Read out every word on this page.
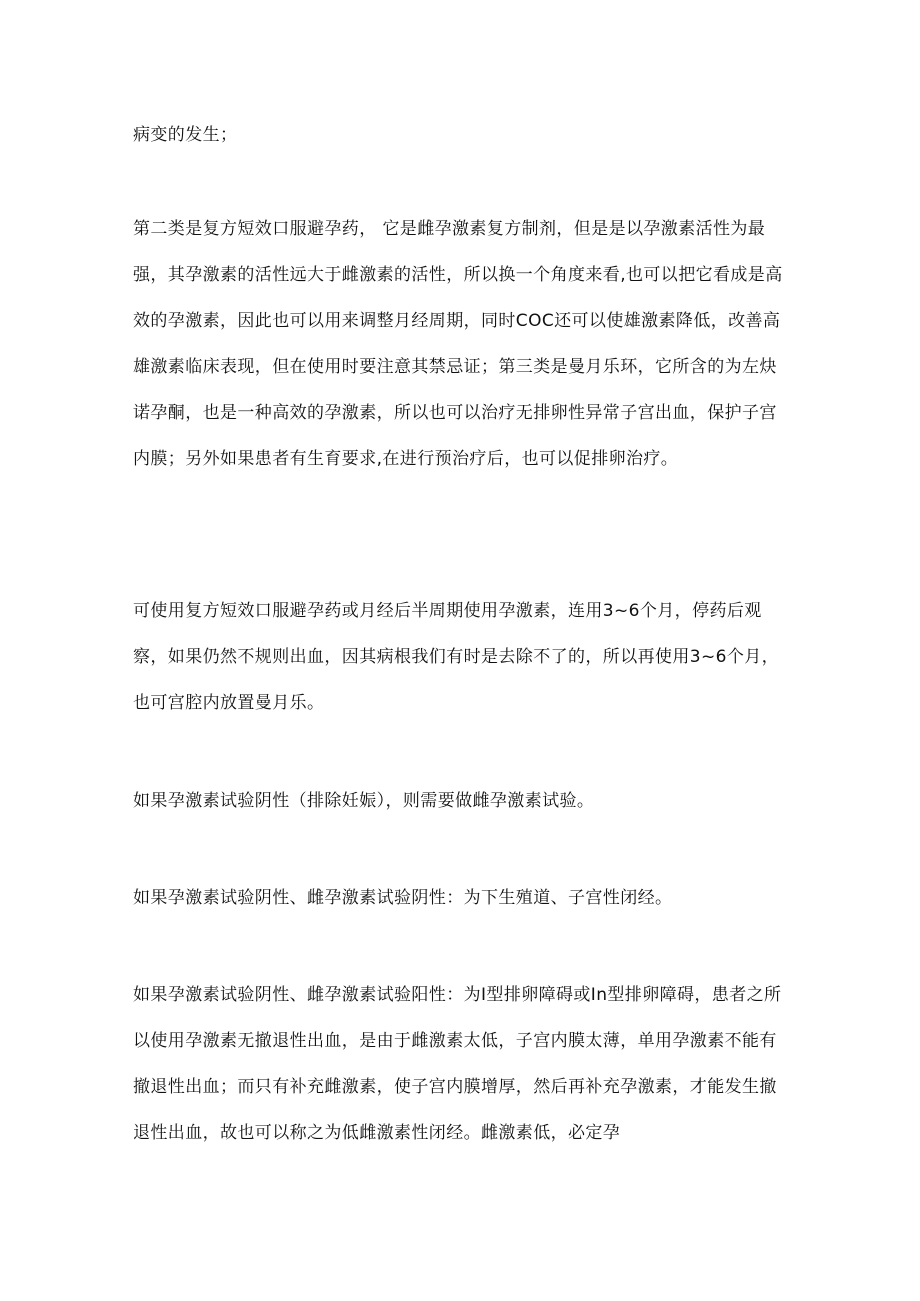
病变的发生；

第二类是复方短效口服避孕药， 它是雌孕激素复方制剂，但是是以孕激素活性为最强，其孕激素的活性远大于雌激素的活性，所以换一个角度来看,也可以把它看成是高效的孕激素，因此也可以用来调整月经周期，同时COC还可以使雄激素降低，改善高雄激素临床表现，但在使用时要注意其禁忌证；第三类是曼月乐环，它所含的为左炔诺孕酮，也是一种高效的孕激素，所以也可以治疗无排卵性异常子宫出血，保护子宫内膜；另外如果患者有生育要求,在进行预治疗后，也可以促排卵治疗。

可使用复方短效口服避孕药或月经后半周期使用孕激素，连用3~6个月，停药后观察，如果仍然不规则出血，因其病根我们有时是去除不了的，所以再使用3~6个月，也可宫腔内放置曼月乐。

如果孕激素试验阴性（排除妊娠），则需要做雌孕激素试验。

如果孕激素试验阴性、雌孕激素试验阴性：为下生殖道、子宫性闭经。

如果孕激素试验阴性、雌孕激素试验阳性：为I型排卵障碍或In型排卵障碍，患者之所以使用孕激素无撤退性出血，是由于雌激素太低，子宫内膜太薄，单用孕激素不能有撤退性出血；而只有补充雌激素，使子宫内膜增厚，然后再补充孕激素，才能发生撤退性出血，故也可以称之为低雌激素性闭经。雌激素低，必定孕
